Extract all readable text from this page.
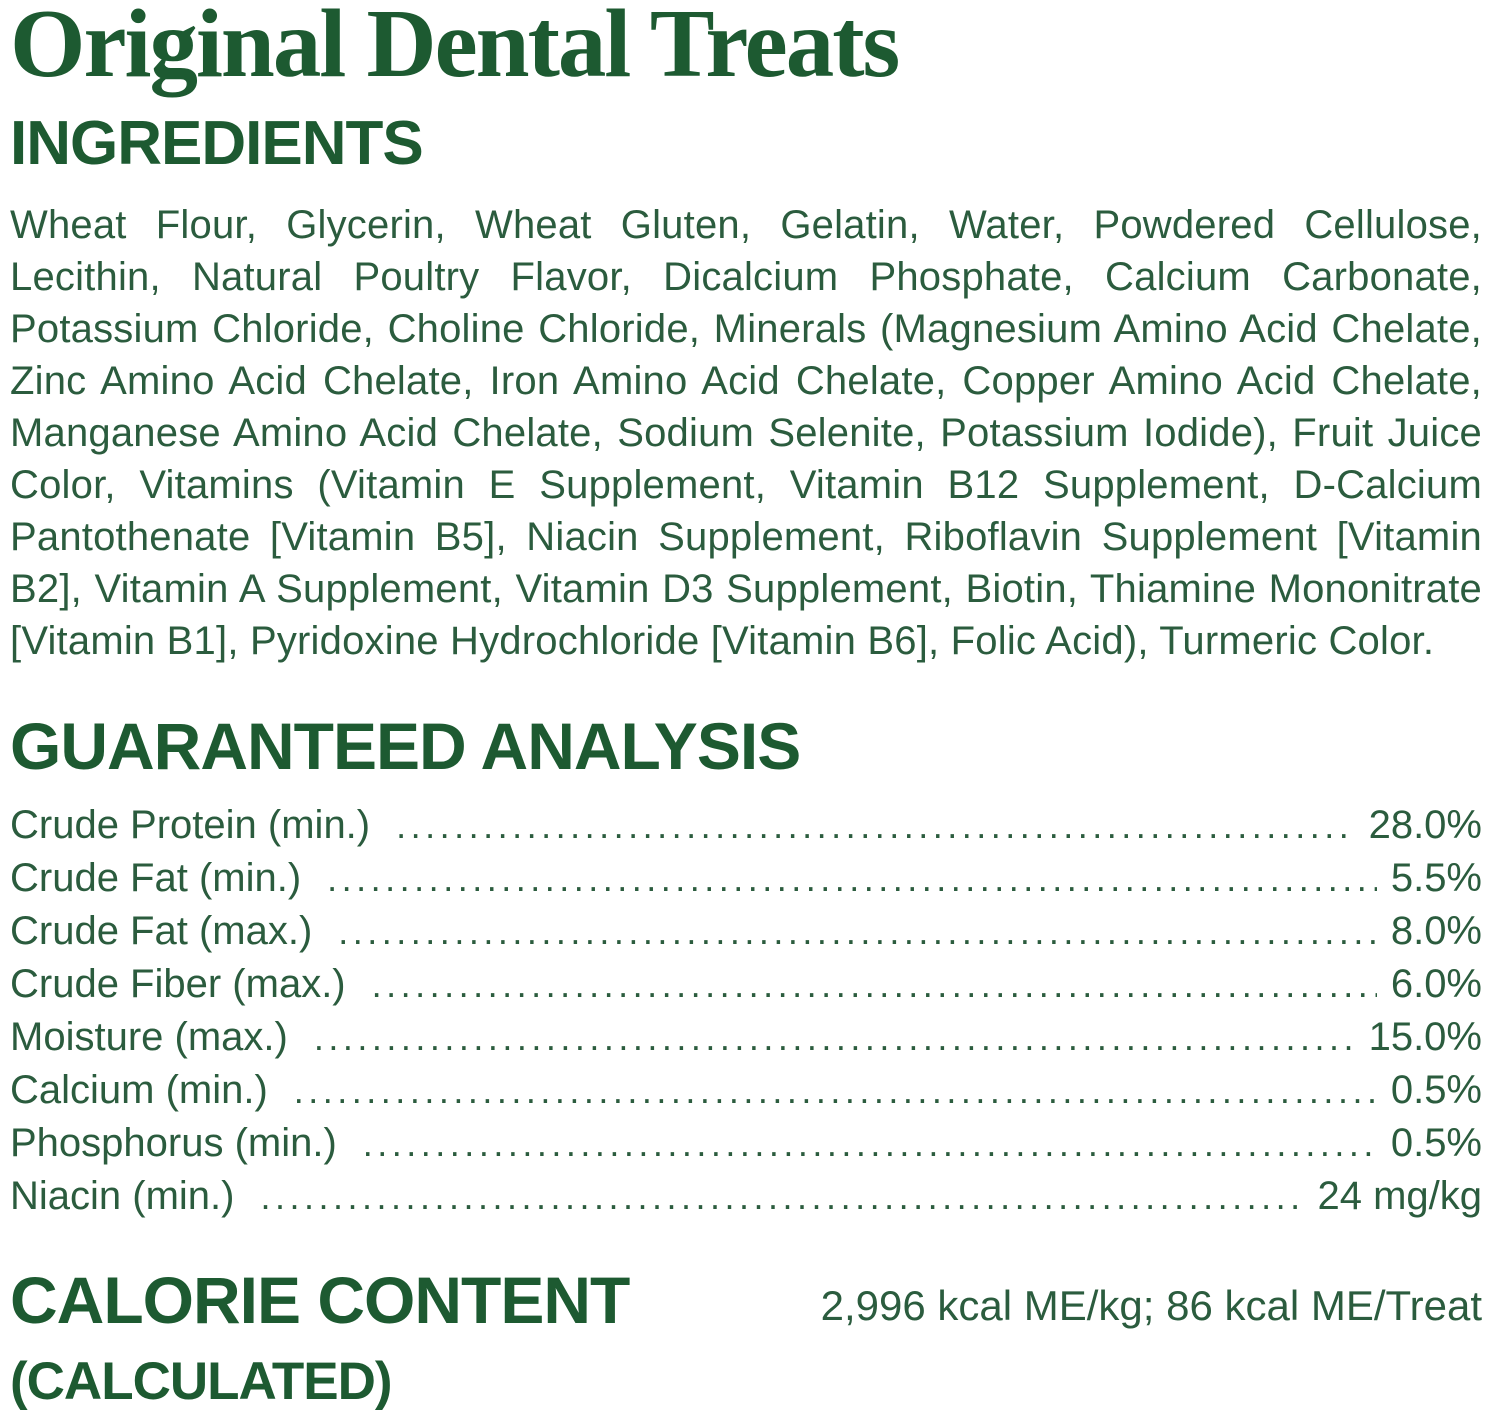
Original Dental Treats
INGREDIENTS

Wheat Flour, Glycerin, Wheat Gluten, Gelatin, Water, Powdered Cellulose, Lecithin, Natural Poultry Flavor, Dicalcium Phosphate, Calcium Carbonate, Potassium Chloride, Choline Chloride, Minerals (Magnesium Amino Acid Chelate, Zinc Amino Acid Chelate, Iron Amino Acid Chelate, Copper Amino Acid Chelate, Manganese Amino Acid Chelate, Sodium Selenite, Potassium Iodide), Fruit Juice Color, Vitamins (Vitamin E Supplement, Vitamin B12 Supplement, D-Calcium Pantothenate [Vitamin B5], Niacin Supplement, Riboflavin Supplement [Vitamin B2], Vitamin A Supplement, Vitamin D3 Supplement, Biotin, Thiamine Mononitrate [Vitamin B1], Pyridoxine Hydrochloride [Vitamin B6], Folic Acid), Turmeric Color.

GUARANTEED ANALYSIS
Crude Protein (min.) .....	28.0%
Crude Fat (min.) .....	5.5%
Crude Fat (max.) .....	8.0%
Crude Fiber (max.) .....	6.0%
Moisture (max.) .....	15.0%
Calcium (min.) .....	0.5%
Phosphorus (min.) .....	0.5%
Niacin (min.) .....	24 mg/kg
CALORIE CONTENT
(CALCULATED)
2,996 kcal ME/kg; 86 kcal ME/Treat
